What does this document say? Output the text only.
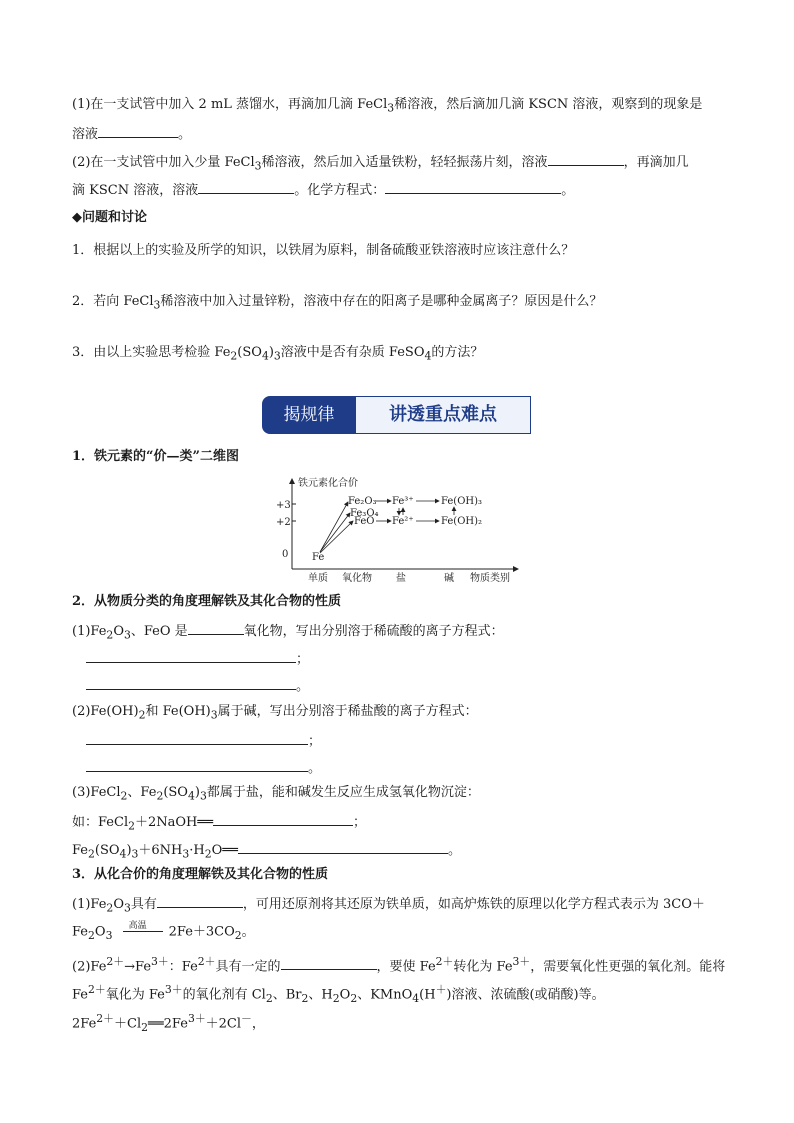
(1)在一支试管中加入 2 mL 蒸馏水，再滴加几滴 FeCl$_3$稀溶液，然后滴加几滴 KSCN 溶液，观察到的现象是
溶液	。
(2)在一支试管中加入少量 FeCl$_3$稀溶液，然后加入适量铁粉，轻轻振荡片刻，溶液	，再滴加几
滴 KSCN 溶液，溶液	。化学方程式：	。
◆问题和讨论
1．根据以上的实验及所学的知识，以铁屑为原料，制备硫酸亚铁溶液时应该注意什么？
2．若向 FeCl$_3$稀溶液中加入过量锌粉，溶液中存在的阳离子是哪种金属离子？原因是什么？
3．由以上实验思考检验 $Fe_2(SO_4)_3$溶液中是否有杂质 FeSO$_4$的方法？
揭规律	讲透重点难点
1．铁元素的“价—类”二维图
铁元素化合价
+3
+2
0
单质 氧化物 盐	碱 物质类别
Fe
Fe₂O₃
Fe₃O₄
FeO
Fe³⁺
Fe²⁺
Fe(OH)₃
Fe(OH)₂
2．从物质分类的角度理解铁及其化合物的性质
$(1)Fe_2O_3$、FeO 是	氧化物，写出分别溶于稀硫酸的离子方程式：
；
。
$(2)Fe(OH)_2$和 $Fe(OH)_3$属于碱，写出分别溶于稀盐酸的离子方程式：
；
。
(3)FeCl$_2$、$Fe_2(SO_4)_3$都属于盐，能和碱发生反应生成氢氧化物沉淀：
如：FeCl$_2$＋2NaOH══	；
$Fe_2(SO_4)_3+6NH_3\cdot H_2O══$	。
3．从化合价的角度理解铁及其化合物的性质
$(1)Fe_2O_3$具有	，可用还原剂将其还原为铁单质，如高炉炼铁的原理以化学方程式表示为 3CO＋
$Fe_2O_3$
高温 $2Fe+3CO_2$。
$(2)Fe^{2+}\to Fe^{3+}$：$Fe^{2+}$具有一定的	，要使 $Fe^{2+}$转化为 $Fe^{3+}$，需要氧化性更强的氧化剂。能将
$Fe^{2+}$氧化为 $Fe^{3+}$的氧化剂有 $Cl_2$、$Br_2$、$H_2O_2$、KMnO$_4$(H＋)溶液、浓硫酸(或硝酸)等。
$2Fe^{2+}+Cl_2══2Fe^{3+}+2Cl^-$，
